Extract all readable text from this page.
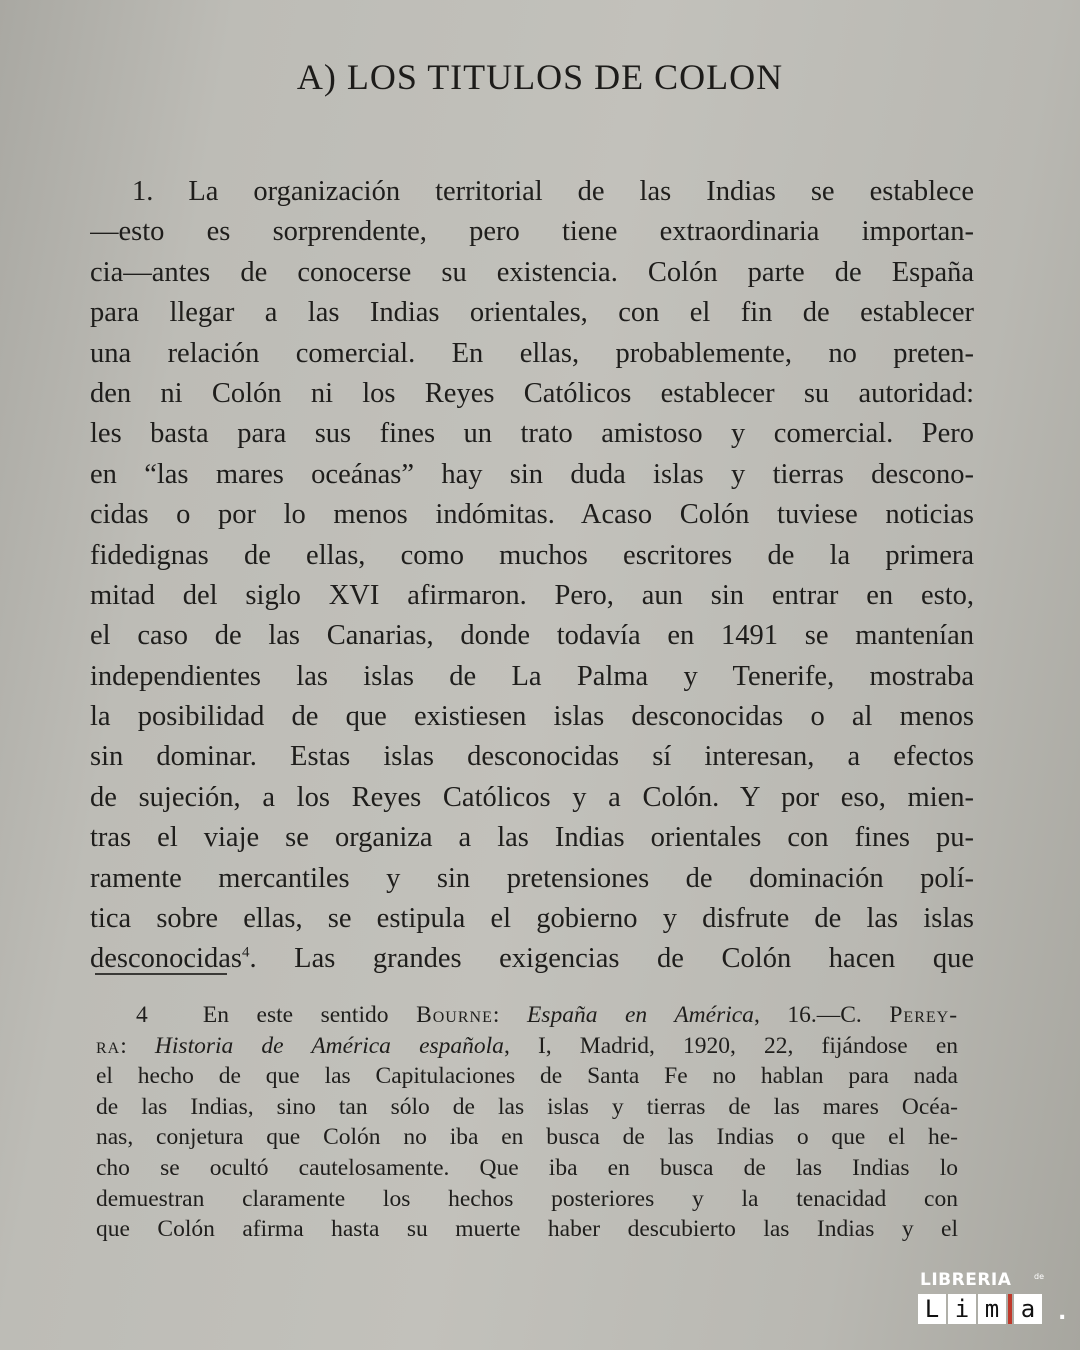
A) LOS TITULOS DE COLON
1. La organización territorial de las Indias se establece
—esto es sorprendente, pero tiene extraordinaria importan-
cia—antes de conocerse su existencia. Colón parte de España
para llegar a las Indias orientales, con el fin de establecer
una relación comercial. En ellas, probablemente, no preten-
den ni Colón ni los Reyes Católicos establecer su autoridad:
les basta para sus fines un trato amistoso y comercial. Pero
en “las mares oceánas” hay sin duda islas y tierras descono-
cidas o por lo menos indómitas. Acaso Colón tuviese noticias
fidedignas de ellas, como muchos escritores de la primera
mitad del siglo XVI afirmaron. Pero, aun sin entrar en esto,
el caso de las Canarias, donde todavía en 1491 se mantenían
independientes las islas de La Palma y Tenerife, mostraba
la posibilidad de que existiesen islas desconocidas o al menos
sin dominar. Estas islas desconocidas sí interesan, a efectos
de sujeción, a los Reyes Católicos y a Colón. Y por eso, mien-
tras el viaje se organiza a las Indias orientales con fines pu-
ramente mercantiles y sin pretensiones de dominación polí-
tica sobre ellas, se estipula el gobierno y disfrute de las islas
desconocidas$^4$. Las grandes exigencias de Colón hacen que
4 En este sentido Bourne: España en América, 16.—C. Perey-
ra: Historia de América española, I, Madrid, 1920, 22, fijándose en
el hecho de que las Capitulaciones de Santa Fe no hablan para nada
de las Indias, sino tan sólo de las islas y tierras de las mares Océa-
nas, conjetura que Colón no iba en busca de las Indias o que el he-
cho se ocultó cautelosamente. Que iba en busca de las Indias lo
demuestran claramente los hechos posteriores y la tenacidad con
que Colón afirma hasta su muerte haber descubierto las Indias y el
LIBRERIA	de
L i m a	.
